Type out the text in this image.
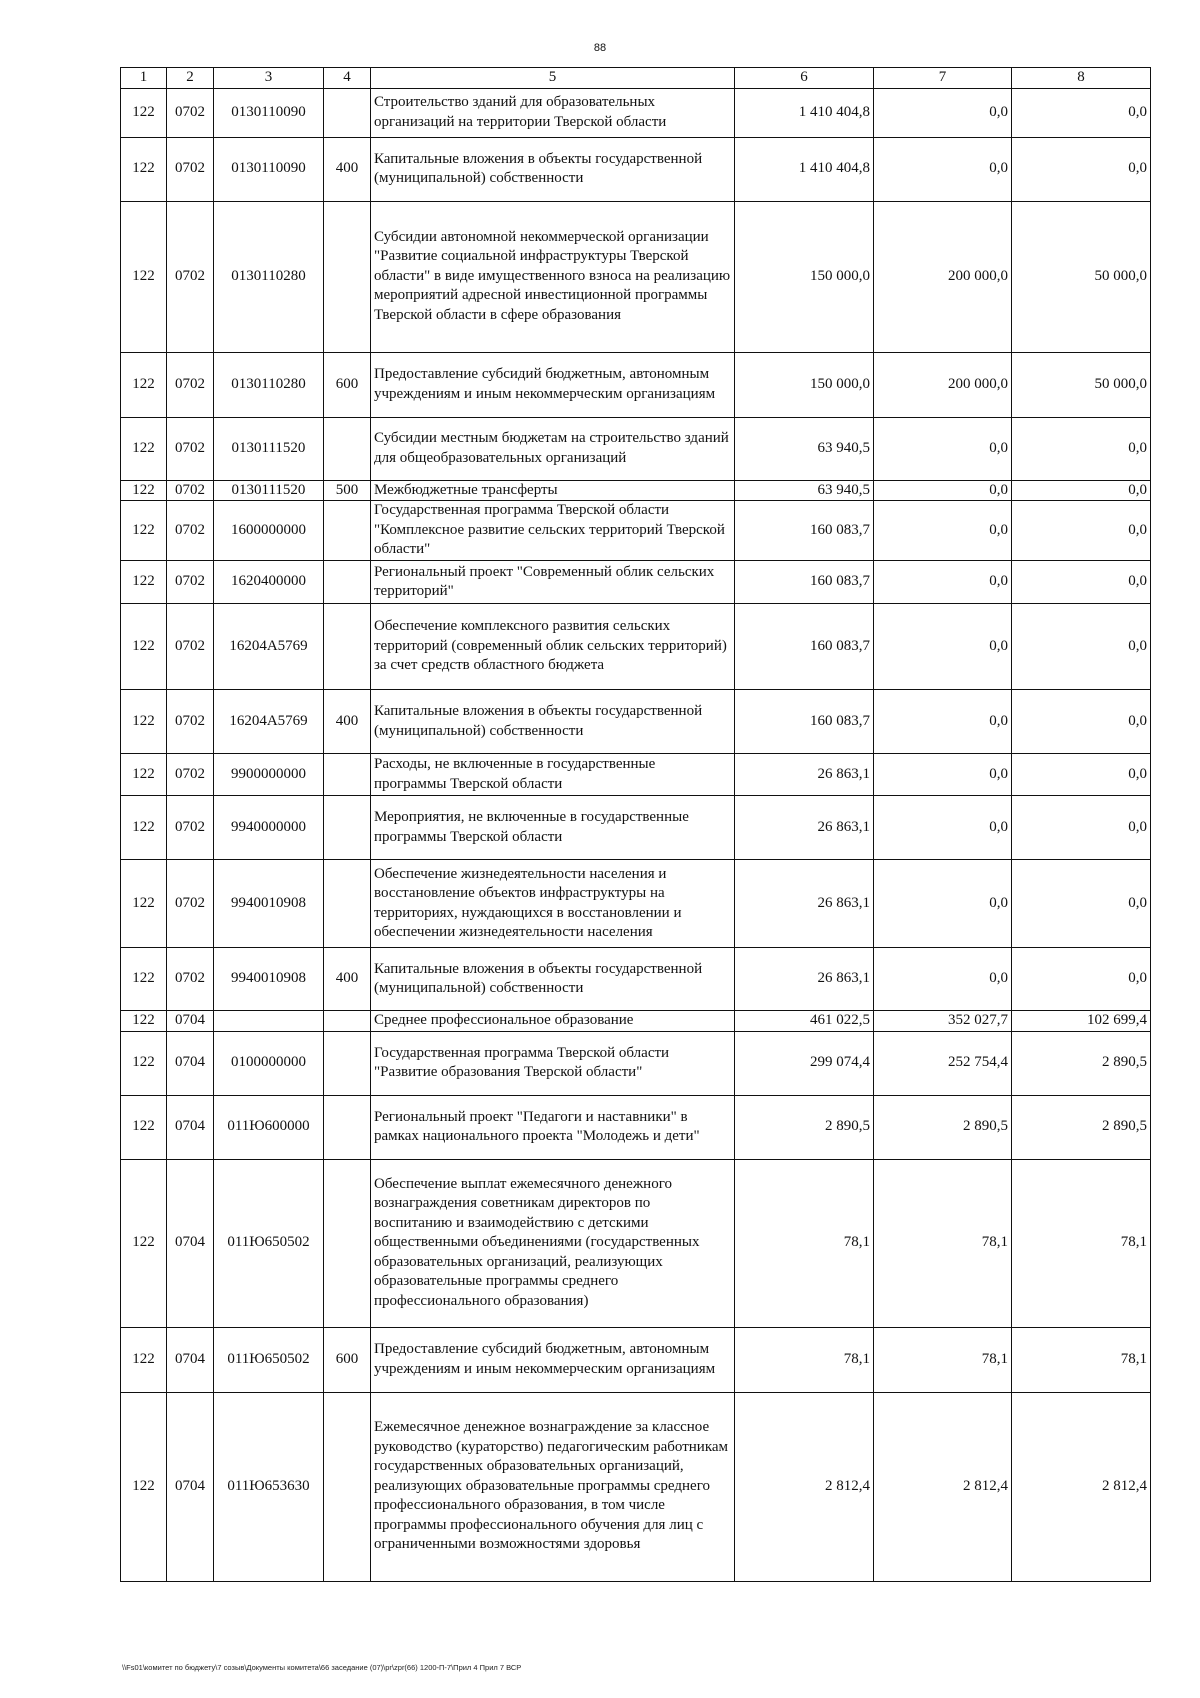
88
1	2	3	4	5	6	7	8
122	0702	0130110090		Строительство зданий для образовательных организаций на территории Тверской области	1 410 404,8	0,0	0,0
122	0702	0130110090	400	Капитальные вложения в объекты государственной (муниципальной) собственности	1 410 404,8	0,0	0,0
122	0702	0130110280		Субсидии автономной некоммерческой организации "Развитие социальной инфраструктуры Тверской области" в виде имущественного взноса на реализацию мероприятий адресной инвестиционной программы Тверской области в сфере образования	150 000,0	200 000,0	50 000,0
122	0702	0130110280	600	Предоставление субсидий бюджетным, автономным учреждениям и иным некоммерческим организациям	150 000,0	200 000,0	50 000,0
122	0702	0130111520		Субсидии местным бюджетам на строительство зданий для общеобразовательных организаций	63 940,5	0,0	0,0
122	0702	0130111520	500	Межбюджетные трансферты	63 940,5	0,0	0,0
122	0702	1600000000		Государственная программа Тверской области "Комплексное развитие сельских территорий Тверской области"	160 083,7	0,0	0,0
122	0702	1620400000		Региональный проект "Современный облик сельских территорий"	160 083,7	0,0	0,0
122	0702	16204A5769		Обеспечение комплексного развития сельских территорий (современный облик сельских территорий) за счет средств областного бюджета	160 083,7	0,0	0,0
122	0702	16204A5769	400	Капитальные вложения в объекты государственной (муниципальной) собственности	160 083,7	0,0	0,0
122	0702	9900000000		Расходы, не включенные в государственные программы Тверской области	26 863,1	0,0	0,0
122	0702	9940000000		Мероприятия, не включенные в государственные программы Тверской области	26 863,1	0,0	0,0
122	0702	9940010908		Обеспечение жизнедеятельности населения и восстановление объектов инфраструктуры на территориях, нуждающихся в восстановлении и обеспечении жизнедеятельности населения	26 863,1	0,0	0,0
122	0702	9940010908	400	Капитальные вложения в объекты государственной (муниципальной) собственности	26 863,1	0,0	0,0
122	0704			Среднее профессиональное образование	461 022,5	352 027,7	102 699,4
122	0704	0100000000		Государственная программа Тверской области "Развитие образования Тверской области"	299 074,4	252 754,4	2 890,5
122	0704	011Ю600000		Региональный проект "Педагоги и наставники" в рамках национального проекта "Молодежь и дети"	2 890,5	2 890,5	2 890,5
122	0704	011Ю650502		Обеспечение выплат ежемесячного денежного вознаграждения советникам директоров по воспитанию и взаимодействию с детскими общественными объединениями (государственных образовательных организаций, реализующих образовательные программы среднего профессионального образования)	78,1	78,1	78,1
122	0704	011Ю650502	600	Предоставление субсидий бюджетным, автономным учреждениям и иным некоммерческим организациям	78,1	78,1	78,1
122	0704	011Ю653630		Ежемесячное денежное вознаграждение за классное руководство (кураторство) педагогическим работникам государственных образовательных организаций, реализующих образовательные программы среднего профессионального образования, в том числе программы профессионального обучения для лиц с ограниченными возможностями здоровья	2 812,4	2 812,4	2 812,4
\\Fs01\комитет по бюджету\7 созыв\Документы комитета\66 заседание (07)\pr\zpr(66) 1200-П-7\Прил 4 Прил 7 ВСР
